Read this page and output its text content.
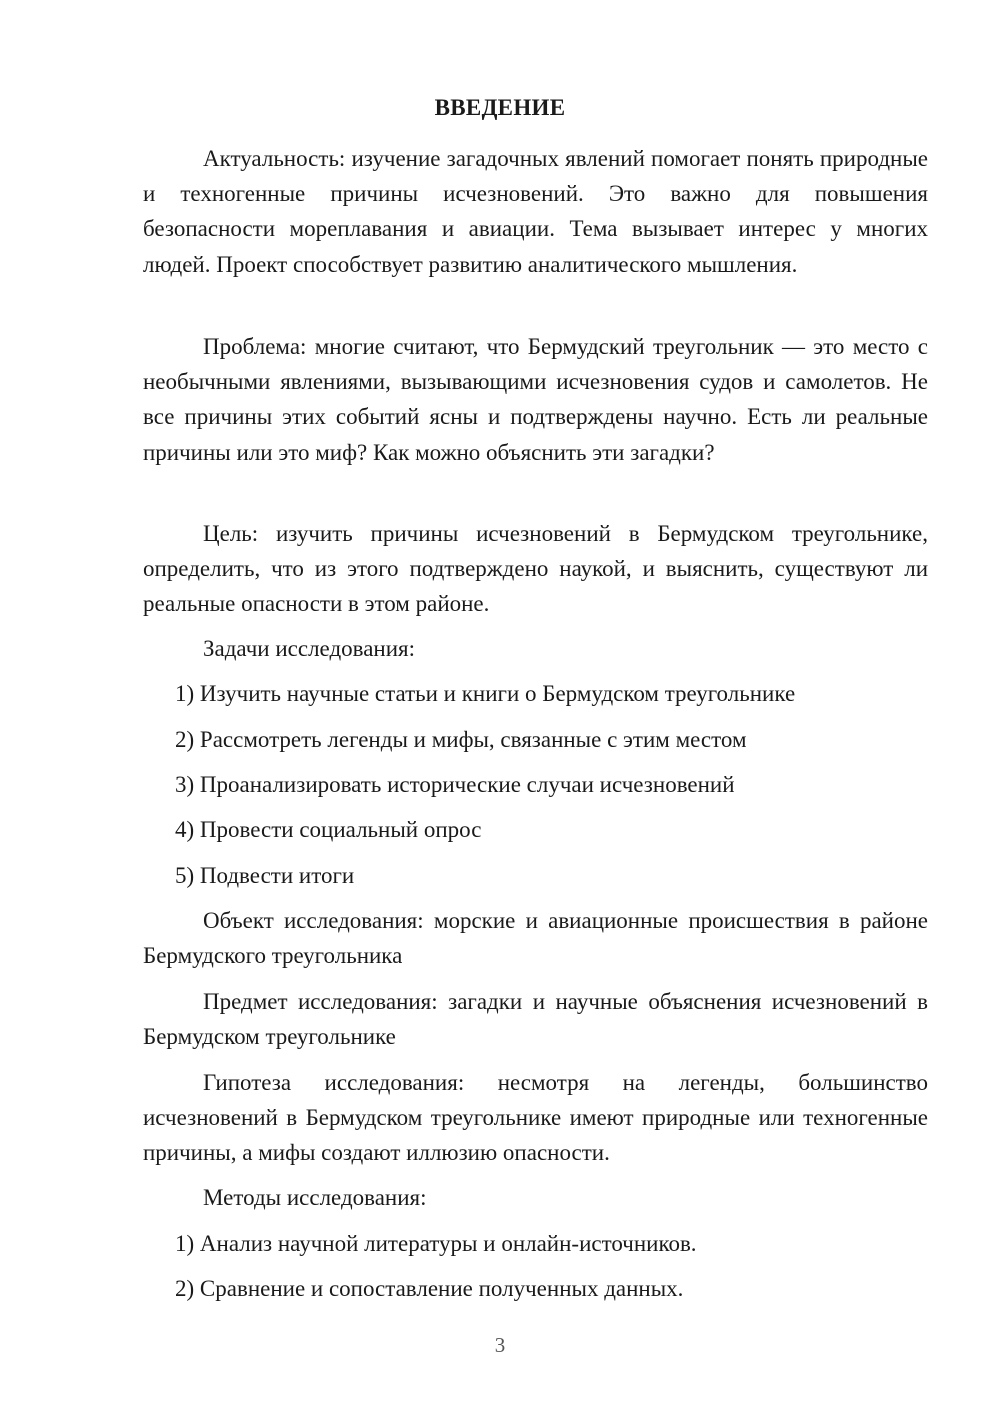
ВВЕДЕНИЕ

Актуальность: изучение загадочных явлений помогает понять природные и техногенные причины исчезновений. Это важно для повышения безопасности мореплавания и авиации. Тема вызывает интерес у многих людей. Проект способствует развитию аналитического мышления.

Проблема: многие считают, что Бермудский треугольник — это место с необычными явлениями, вызывающими исчезновения судов и самолетов. Не все причины этих событий ясны и подтверждены научно. Есть ли реальные причины или это миф? Как можно объяснить эти загадки?

Цель: изучить причины исчезновений в Бермудском треугольнике, определить, что из этого подтверждено наукой, и выяснить, существуют ли реальные опасности в этом районе.

Задачи исследования:

1) Изучить научные статьи и книги о Бермудском треугольнике

2) Рассмотреть легенды и мифы, связанные с этим местом

3) Проанализировать исторические случаи исчезновений

4) Провести социальный опрос

5) Подвести итоги

Объект исследования: морские и авиационные происшествия в районе Бермудского треугольника

Предмет исследования: загадки и научные объяснения исчезновений в Бермудском треугольнике

Гипотеза исследования: несмотря на легенды, большинство исчезновений в Бермудском треугольнике имеют природные или техногенные причины, а мифы создают иллюзию опасности.

Методы исследования:

1) Анализ научной литературы и онлайн-источников.

2) Сравнение и сопоставление полученных данных.

3
